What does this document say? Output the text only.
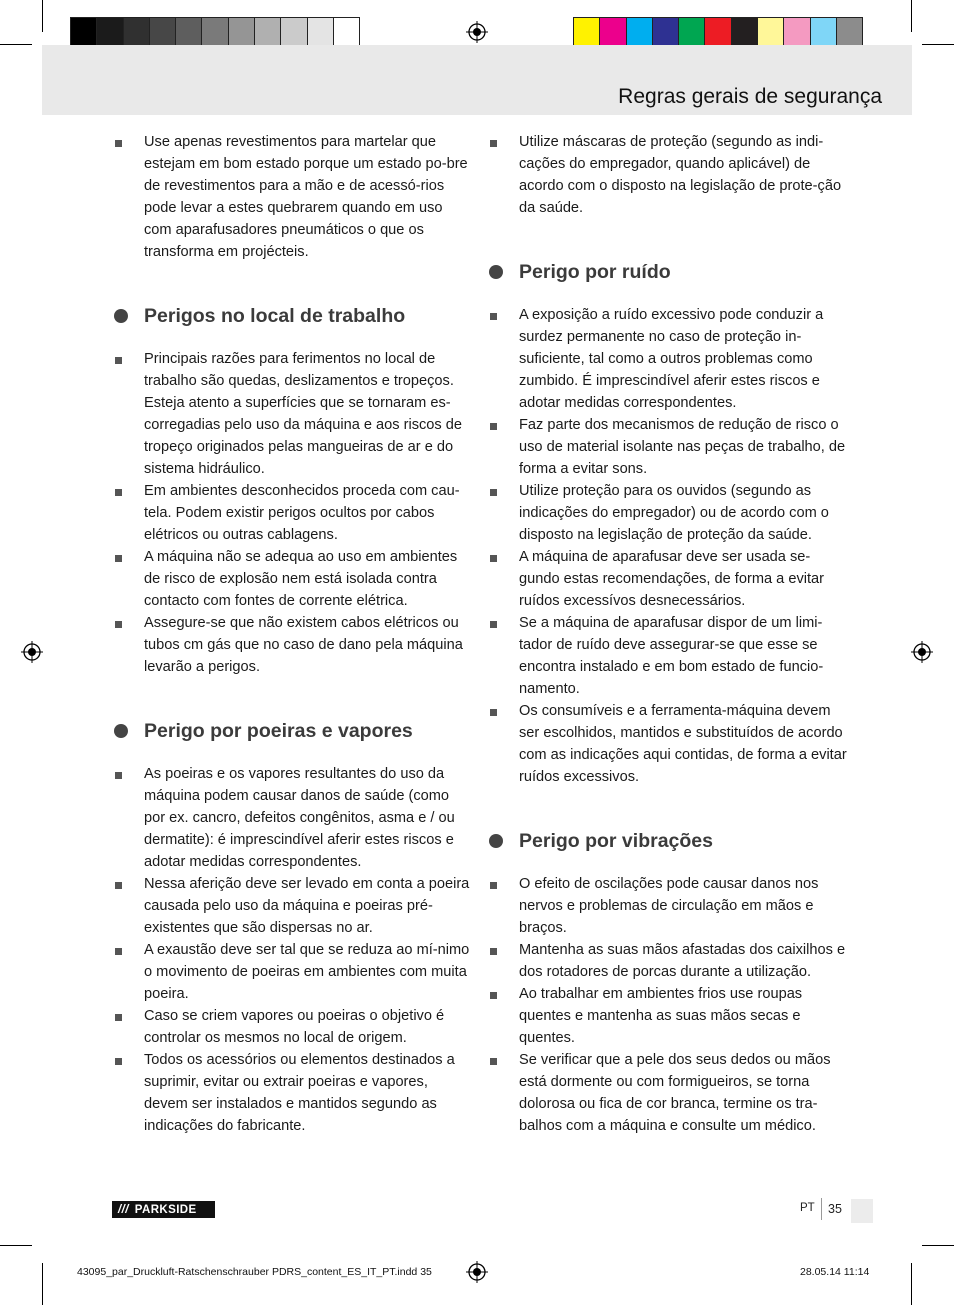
Regras gerais de segurança
Use apenas revestimentos para martelar que estejam em bom estado porque um estado po-bre de revestimentos para a mão e de acessó-rios pode levar a estes quebrarem quando em uso com aparafusadores pneumáticos o que os transforma em projécteis.
Perigos no local de trabalho
Principais razões para ferimentos no local de trabalho são quedas, deslizamentos e tropeços. Esteja atento a superfícies que se tornaram es-corregadias pelo uso da máquina e aos riscos de tropeço originados pelas mangueiras de ar e do sistema hidráulico.
Em ambientes desconhecidos proceda com cau-tela. Podem existir perigos ocultos por cabos elétricos ou outras cablagens.
A máquina não se adequa ao uso em ambientes de risco de explosão nem está isolada contra contacto com fontes de corrente elétrica.
Assegure-se que não existem cabos elétricos ou tubos cm gás que no caso de dano pela máquina levarão a perigos.
Perigo por poeiras e vapores
As poeiras e os vapores resultantes do uso da máquina podem causar danos de saúde (como por ex. cancro, defeitos congênitos, asma e / ou dermatite): é imprescindível aferir estes riscos e adotar medidas correspondentes.
Nessa aferição deve ser levado em conta a poeira causada pelo uso da máquina e poeiras pré-existentes que são dispersas no ar.
A exaustão deve ser tal que se reduza ao mí-nimo o movimento de poeiras em ambientes com muita poeira.
Caso se criem vapores ou poeiras o objetivo é controlar os mesmos no local de origem.
Todos os acessórios ou elementos destinados a suprimir, evitar ou extrair poeiras e vapores, devem ser instalados e mantidos segundo as indicações do fabricante.
Utilize máscaras de proteção (segundo as indi-cações do empregador, quando aplicável) de acordo com o disposto na legislação de prote-ção da saúde.
Perigo por ruído
A exposição a ruído excessivo pode conduzir a surdez permanente no caso de proteção in-suficiente, tal como a outros problemas como zumbido. É imprescindível aferir estes riscos e adotar medidas correspondentes.
Faz parte dos mecanismos de redução de risco o uso de material isolante nas peças de trabalho, de forma a evitar sons.
Utilize proteção para os ouvidos (segundo as indicações do empregador) ou de acordo com o disposto na legislação de proteção da saúde.
A máquina de aparafusar deve ser usada se-gundo estas recomendações, de forma a evitar ruídos excessívos desnecessários.
Se a máquina de aparafusar dispor de um limi-tador de ruído deve assegurar-se que esse se encontra instalado e em bom estado de funcio-namento.
Os consumíveis e a ferramenta-máquina devem ser escolhidos, mantidos e substituídos de acordo com as indicações aqui contidas, de forma a evitar ruídos excessivos.
Perigo por vibrações
O efeito de oscilações pode causar danos nos nervos e problemas de circulação em mãos e braços.
Mantenha as suas mãos afastadas dos caixilhos e dos rotadores de porcas durante a utilização.
Ao trabalhar em ambientes frios use roupas quentes e mantenha as suas mãos secas e quentes.
Se verificar que a pele dos seus dedos ou mãos está dormente ou com formigueiros, se torna dolorosa ou fica de cor branca, termine os tra-balhos com a máquina e consulte um médico.
/// PARKSIDE	PT 35
43095_par_Druckluft-Ratschenschrauber PDRS_content_ES_IT_PT.indd 35	28.05.14 11:14
